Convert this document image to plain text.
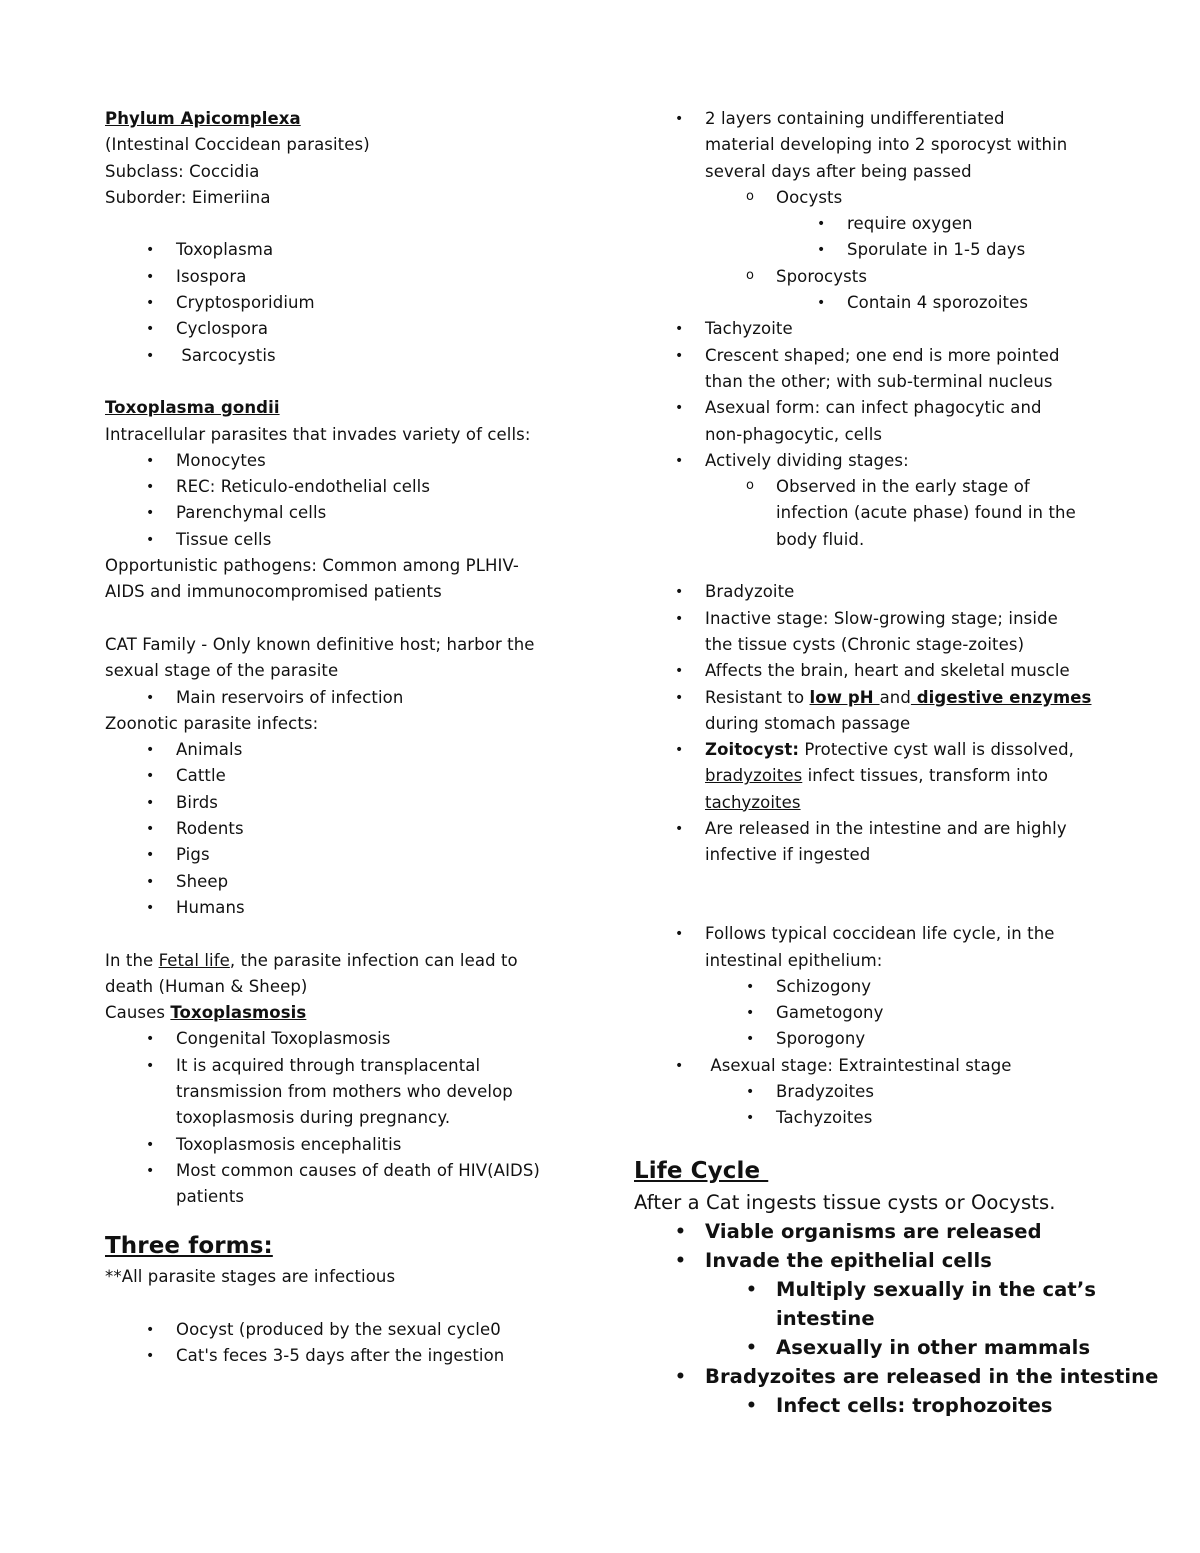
Phylum Apicomplexa
(Intestinal Coccidean parasites)
Subclass: Coccidia
Suborder: Eimeriina
• Toxoplasma
• Isospora
• Cryptosporidium
• Cyclospora
•  Sarcocystis
Toxoplasma gondii
Intracellular parasites that invades variety of cells:
• Monocytes
• REC: Reticulo-endothelial cells
• Parenchymal cells
• Tissue cells
Opportunistic pathogens: Common among PLHIV-
AIDS and immunocompromised patients
CAT Family - Only known definitive host; harbor the
sexual stage of the parasite
• Main reservoirs of infection
Zoonotic parasite infects:
• Animals
• Cattle
• Birds
• Rodents
• Pigs
• Sheep
• Humans
In the Fetal life, the parasite infection can lead to
death (Human & Sheep)
Causes Toxoplasmosis
• Congenital Toxoplasmosis
• It is acquired through transplacental
transmission from mothers who develop
toxoplasmosis during pregnancy.
• Toxoplasmosis encephalitis
• Most common causes of death of HIV(AIDS)
patients
Three forms:
**All parasite stages are infectious
• Oocyst (produced by the sexual cycle0
• Cat's feces 3-5 days after the ingestion
• 2 layers containing undifferentiated
material developing into 2 sporocyst within
several days after being passed
o Oocysts
• require oxygen
• Sporulate in 1-5 days
o Sporocysts
• Contain 4 sporozoites
• Tachyzoite
• Crescent shaped; one end is more pointed
than the other; with sub-terminal nucleus
• Asexual form: can infect phagocytic and
non-phagocytic, cells
• Actively dividing stages:
o Observed in the early stage of
infection (acute phase) found in the
body fluid.
• Bradyzoite
• Inactive stage: Slow-growing stage; inside
the tissue cysts (Chronic stage-zoites)
• Affects the brain, heart and skeletal muscle
• Resistant to low pH and digestive enzymes
during stomach passage
• Zoitocyst: Protective cyst wall is dissolved,
bradyzoites infect tissues, transform into
tachyzoites
• Are released in the intestine and are highly
infective if ingested
• Follows typical coccidean life cycle, in the
intestinal epithelium:
• Schizogony
• Gametogony
• Sporogony
•  Asexual stage: Extraintestinal stage
• Bradyzoites
• Tachyzoites
Life Cycle
After a Cat ingests tissue cysts or Oocysts.
• Viable organisms are released
• Invade the epithelial cells
• Multiply sexually in the cat’s
intestine
• Asexually in other mammals
• Bradyzoites are released in the intestine
• Infect cells: trophozoites
